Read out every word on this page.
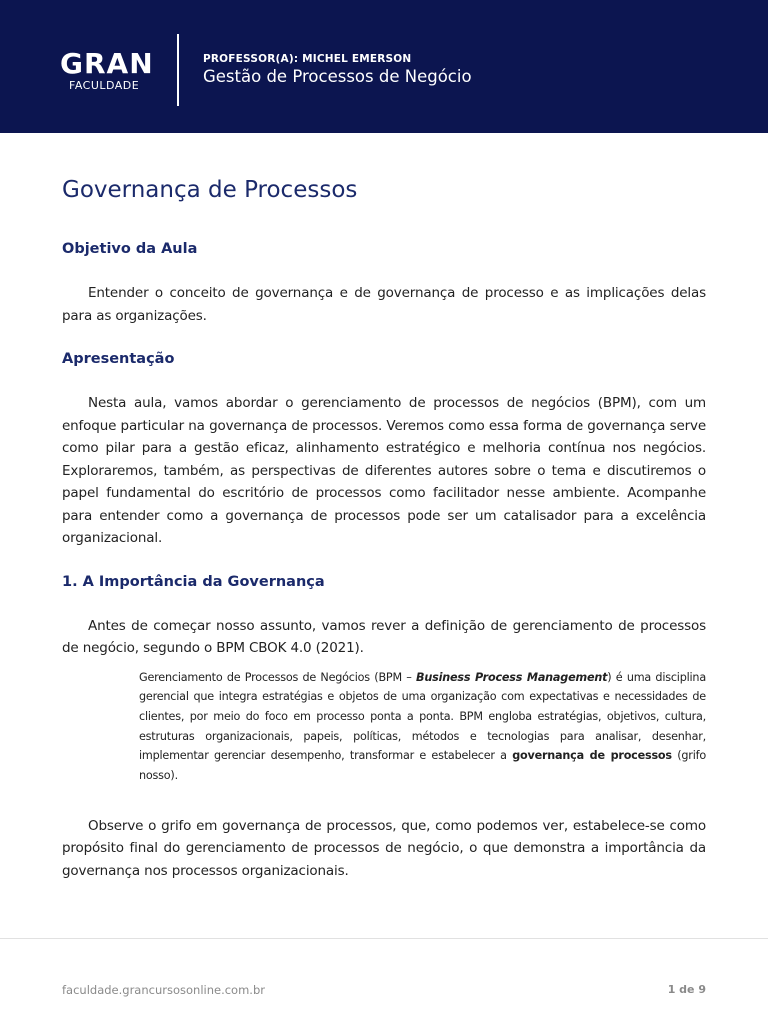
GRAN
FACULDADE
PROFESSOR(A): MICHEL EMERSON
Gestão de Processos de Negócio
Governança de Processos
Objetivo da Aula

Entender o conceito de governança e de governança de processo e as implicações delas para as organizações.

Apresentação

Nesta aula, vamos abordar o gerenciamento de processos de negócios (BPM), com um enfoque particular na governança de processos. Veremos como essa forma de governança serve como pilar para a gestão eficaz, alinhamento estratégico e melhoria contínua nos negócios. Exploraremos, também, as perspectivas de diferentes autores sobre o tema e discutiremos o papel fundamental do escritório de processos como facilitador nesse ambiente. Acompanhe para entender como a governança de processos pode ser um catalisador para a excelência organizacional.

1. A Importância da Governança

Antes de começar nosso assunto, vamos rever a definição de gerenciamento de processos de negócio, segundo o BPM CBOK 4.0 (2021).

Gerenciamento de Processos de Negócios (BPM – Business Process Management) é uma disciplina gerencial que integra estratégias e objetos de uma organização com expectativas e necessidades de clientes, por meio do foco em processo ponta a ponta. BPM engloba estratégias, objetivos, cultura, estruturas organizacionais, papeis, políticas, métodos e tecnologias para analisar, desenhar, implementar gerenciar desempenho, transformar e estabelecer a governança de processos (grifo nosso).

Observe o grifo em governança de processos, que, como podemos ver, estabelece-se como propósito final do gerenciamento de processos de negócio, o que demonstra a importância da governança nos processos organizacionais.

faculdade.grancursosonline.com.br	1 de 9
